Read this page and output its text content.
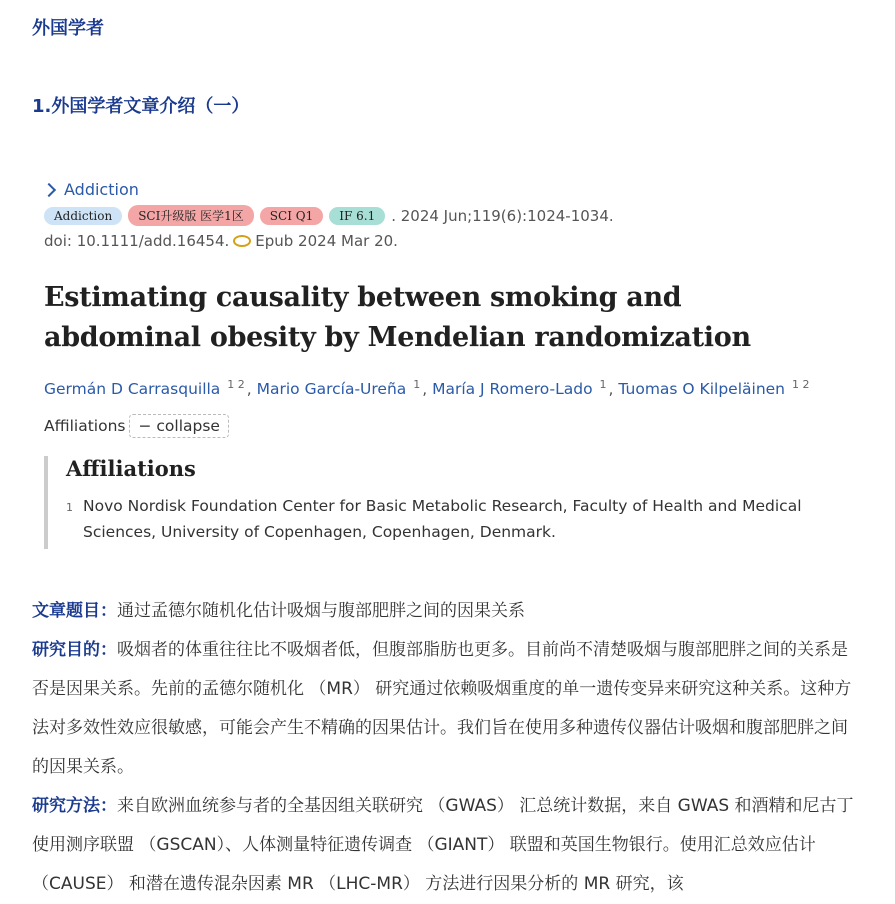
外国学者
1.外国学者文章介绍（一）
Addiction
Addiction	SCI升级版 医学1区	SCI Q1	IF 6.1	. 2024 Jun;119(6):1024-1034.
doi: 10.1111/add.16454. Epub 2024 Mar 20.
Estimating causality between smoking and abdominal obesity by Mendelian randomization
Germán D Carrasquilla $^{1 2}$ , Mario García-Ureña $^1$ , María J Romero-Lado $^1$ , Tuomas O Kilpeläinen $^{1 2}$
Affiliations − collapse
Affiliations
1 Novo Nordisk Foundation Center for Basic Metabolic Research, Faculty of Health and Medical Sciences, University of Copenhagen, Copenhagen, Denmark.

文章题目：通过孟德尔随机化估计吸烟与腹部肥胖之间的因果关系

研究目的：吸烟者的体重往往比不吸烟者低，但腹部脂肪也更多。目前尚不清楚吸烟与腹部肥胖之间的关系是否是因果关系。先前的孟德尔随机化 （MR） 研究通过依赖吸烟重度的单一遗传变异来研究这种关系。这种方法对多效性效应很敏感，可能会产生不精确的因果估计。我们旨在使用多种遗传仪器估计吸烟和腹部肥胖之间的因果关系。

研究方法：来自欧洲血统参与者的全基因组关联研究 （GWAS） 汇总统计数据，来自 GWAS 和酒精和尼古丁使用测序联盟 （GSCAN）、人体测量特征遗传调查 （GIANT） 联盟和英国生物银行。使用汇总效应估计 （CAUSE） 和潜在遗传混杂因素 MR （LHC-MR） 方法进行因果分析的 MR 研究，该
